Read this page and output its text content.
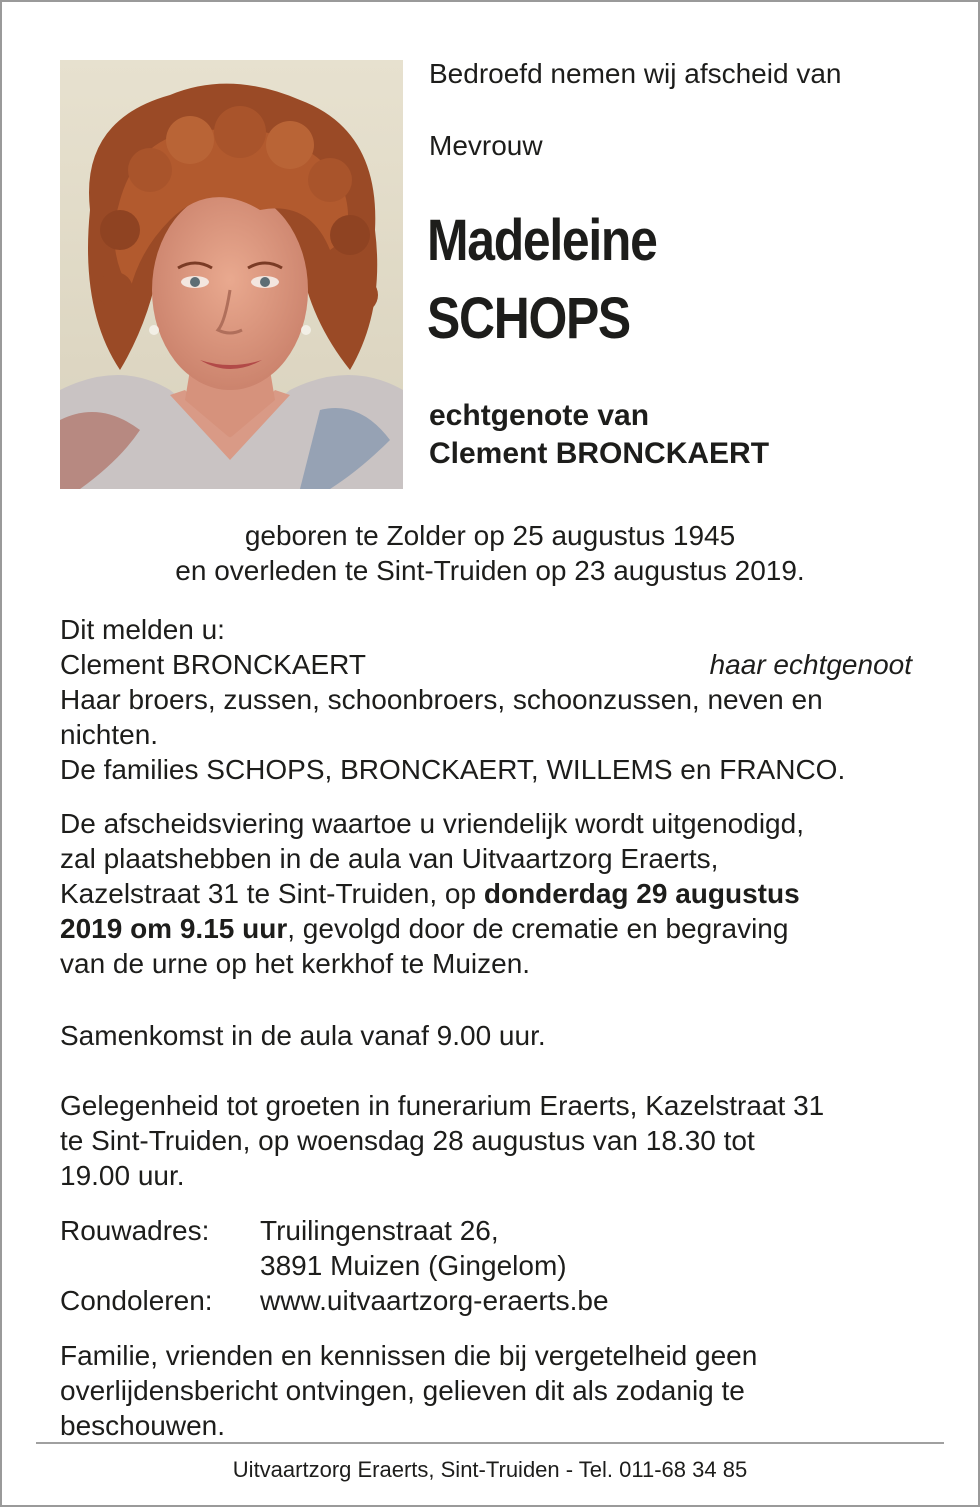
Bedroefd nemen wij afscheid van
Mevrouw
Madeleine
SCHOPS
echtgenote van
Clement BRONCKAERT
geboren te Zolder op 25 augustus 1945
en overleden te Sint-Truiden op 23 augustus 2019.
Dit melden u:
Clement BRONCKAERT	haar echtgenoot
Haar broers, zussen, schoonbroers, schoonzussen, neven en
nichten.
De families SCHOPS, BRONCKAERT, WILLEMS en FRANCO.
De afscheidsviering waartoe u vriendelijk wordt uitgenodigd,
zal plaatshebben in de aula van Uitvaartzorg Eraerts,
Kazelstraat 31 te Sint-Truiden, op donderdag 29 augustus
2019 om 9.15 uur, gevolgd door de crematie en begraving
van de urne op het kerkhof te Muizen.
Samenkomst in de aula vanaf 9.00 uur.
Gelegenheid tot groeten in funerarium Eraerts, Kazelstraat 31
te Sint-Truiden, op woensdag 28 augustus van 18.30 tot
19.00 uur.
Rouwadres:	Truilingenstraat 26,
3891 Muizen (Gingelom)
Condoleren:	www.uitvaartzorg-eraerts.be
Familie, vrienden en kennissen die bij vergetelheid geen
overlijdensbericht ontvingen, gelieven dit als zodanig te
beschouwen.
Uitvaartzorg Eraerts, Sint-Truiden - Tel. 011-68 34 85
